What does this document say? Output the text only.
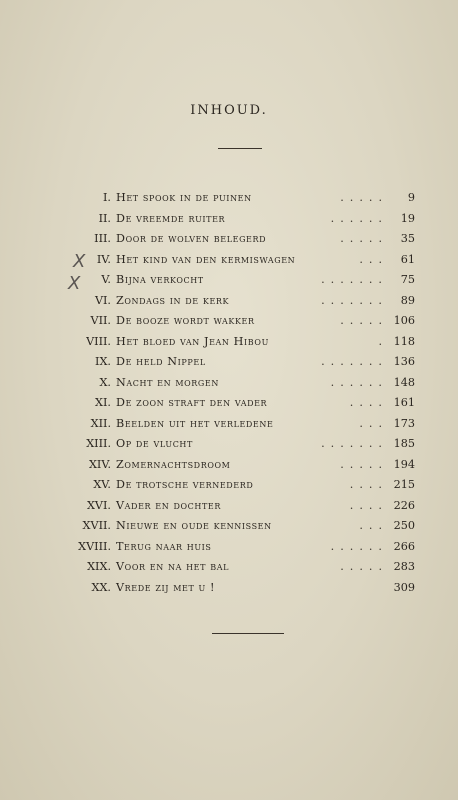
INHOUD.
I. Het spook in de puinen	.....	9
II. De vreemde ruiter	......	19
III. Door de wolven belegerd	.....	35
IV. Het kind van den kermiswagen	...	61
V. Bijna verkocht	.......	75
VI. Zondags in de kerk	.......	89
VII. De booze wordt wakker	..... 106
VIII. Het bloed van Jean Hibou	. 118
IX. De held Nippel	....... 136
X. Nacht en morgen	...... 148
XI. De zoon straft den vader	.... 161
XII. Beelden uit het verledene	... 173
XIII. Op de vlucht	....... 185
XIV. Zomernachtsdroom	..... 194
XV. De trotsche vernederd	.... 215
XVI. Vader en dochter	.... 226
XVII. Nieuwe en oude kennissen	... 250
XVIII. Terug naar huis	...... 266
XIX. Voor en na het bal	..... 283
XX. Vrede zij met u !	309
X
X
